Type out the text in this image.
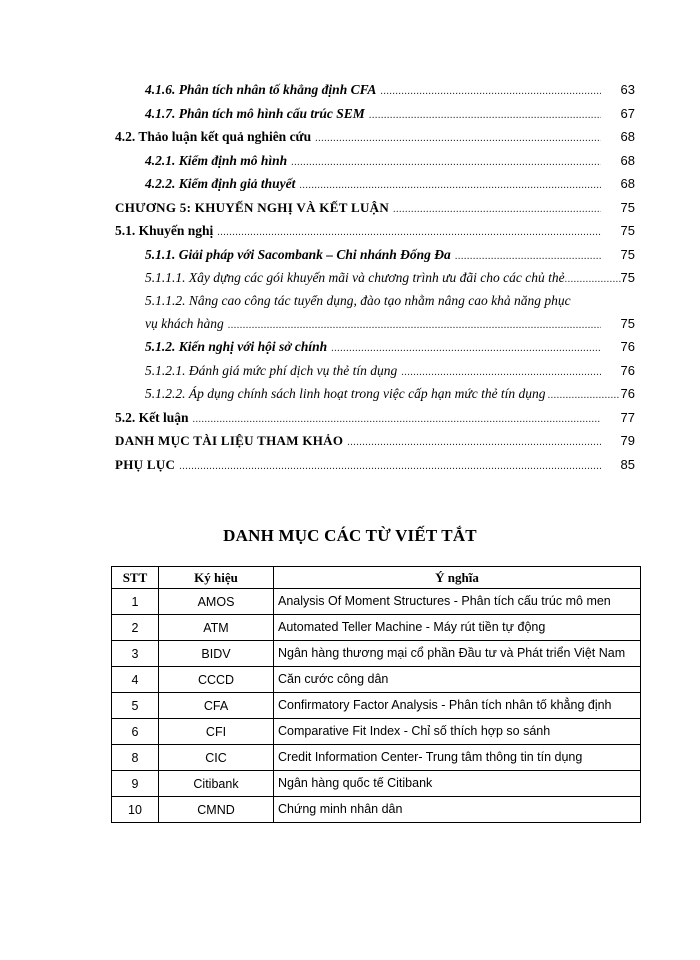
4.1.6. Phân tích nhân tố khẳng định CFA .....	63
4.1.7. Phân tích mô hình cấu trúc SEM .....	67
4.2. Thảo luận kết quả nghiên cứu .....	68
4.2.1. Kiểm định mô hình .....	68
4.2.2. Kiểm định giả thuyết .....	68
CHƯƠNG 5: KHUYẾN NGHỊ VÀ KẾT LUẬN .....	75
5.1. Khuyến nghị .....	75
5.1.1. Giải pháp với Sacombank – Chi nhánh Đống Đa .....	75
5.1.1.1. Xây dựng các gói khuyến mãi và chương trình ưu đãi cho các chủ thẻ .....	75
5.1.1.2. Nâng cao công tác tuyển dụng, đào tạo nhằm nâng cao khả năng phục
vụ khách hàng .....	75
5.1.2. Kiến nghị với hội sở chính .....	76
5.1.2.1. Đánh giá mức phí dịch vụ thẻ tín dụng .....	76
5.1.2.2. Áp dụng chính sách linh hoạt trong việc cấp hạn mức thẻ tín dụng .....	76
5.2. Kết luận .....	77
DANH MỤC TÀI LIỆU THAM KHẢO .....	79
PHỤ LỤC .....	85
DANH MỤC CÁC TỪ VIẾT TẮT
STT	Ký hiệu	Ý nghĩa
1	AMOS	Analysis Of Moment Structures - Phân tích cấu trúc mô men
2	ATM	Automated Teller Machine - Máy rút tiền tự động
3	BIDV	Ngân hàng thương mại cổ phần Đầu tư và Phát triển Việt Nam
4	CCCD	Căn cước công dân
5	CFA	Confirmatory Factor Analysis - Phân tích nhân tố khẳng định
6	CFI	Comparative Fit Index - Chỉ số thích hợp so sánh
8	CIC	Credit Information Center- Trung tâm thông tin tín dụng
9	Citibank	Ngân hàng quốc tế Citibank
10	CMND	Chứng minh nhân dân
